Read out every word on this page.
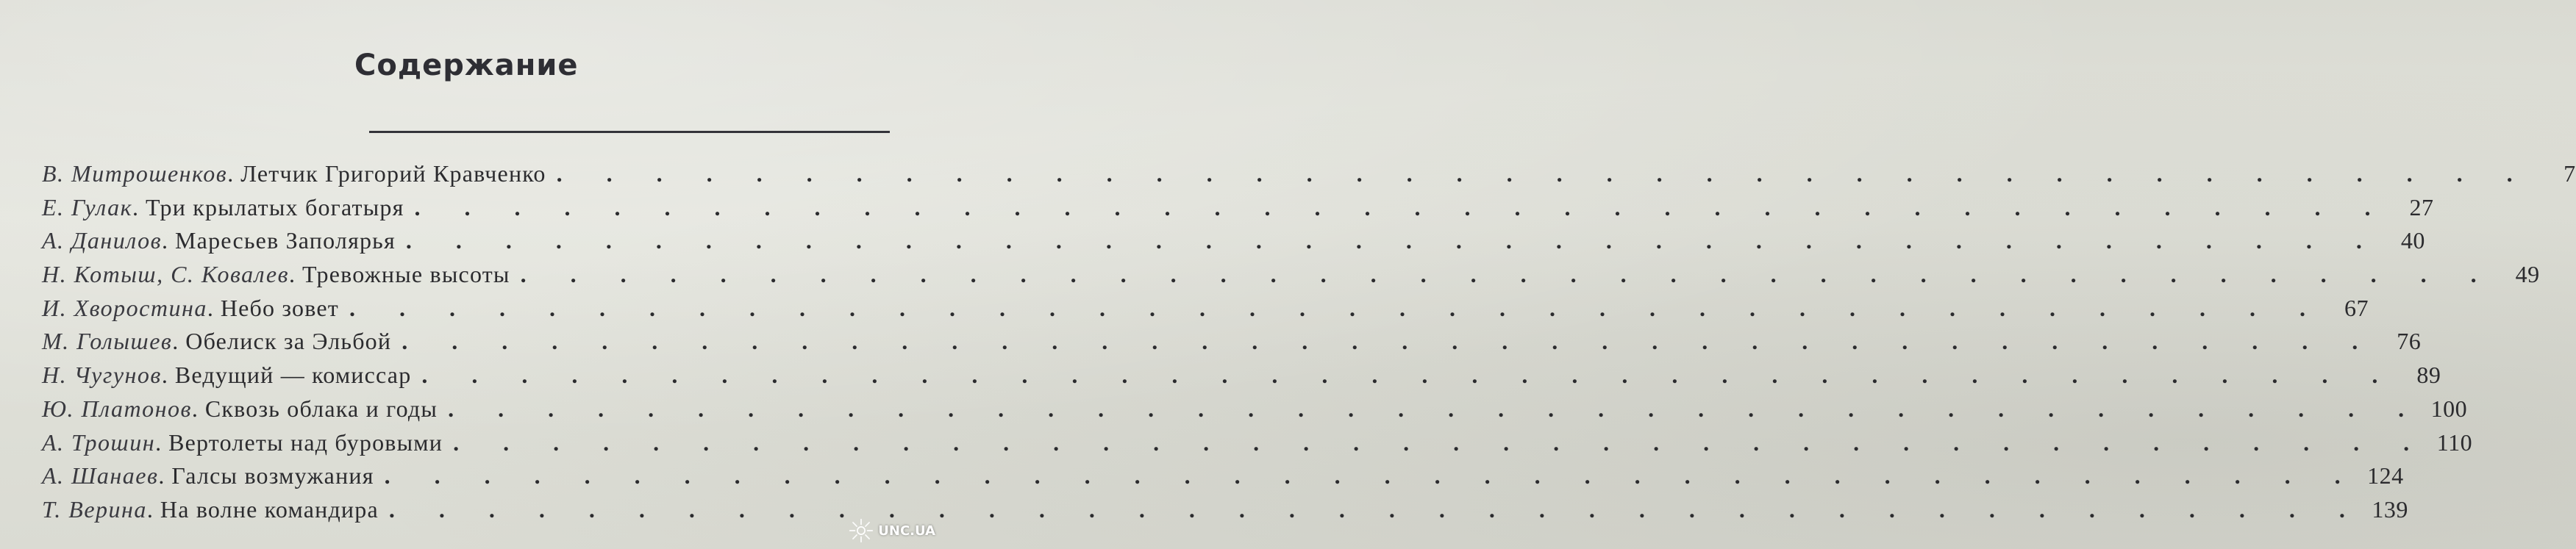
Содержание
В. Митрошенков . Летчик Григорий Кравченко . . . . . . . . . . . . . . . . . . . . . . . . . . . . . . . . . . . . . . . .	7
Е. Гулак . Три крылатых богатыря . . . . . . . . . . . . . . . . . . . . . . . . . . . . . . . . . . . . . . . . 27
А. Данилов . Маресьев Заполярья . . . . . . . . . . . . . . . . . . . . . . . . . . . . . . . . . . . . . . . . 40
Н. Котыш, С. Ковалев . Тревожные высоты . . . . . . . . . . . . . . . . . . . . . . . . . . . . . . . . . . . . . . . . 49
И. Хворостина . Небо зовет . . . . . . . . . . . . . . . . . . . . . . . . . . . . . . . . . . . . . . . . 67
М. Голышев . Обелиск за Эльбой . . . . . . . . . . . . . . . . . . . . . . . . . . . . . . . . . . . . . . . . 76
Н. Чугунов . Ведущий — комиссар . . . . . . . . . . . . . . . . . . . . . . . . . . . . . . . . . . . . . . . . 89
Ю. Платонов . Сквозь облака и годы . . . . . . . . . . . . . . . . . . . . . . . . . . . . . . . . . . . . . . . . 100
А. Трошин . Вертолеты над буровыми . . . . . . . . . . . . . . . . . . . . . . . . . . . . . . . . . . . . . . . . 110
А. Шанаев . Галсы возмужания . . . . . . . . . . . . . . . . . . . . . . . . . . . . . . . . . . . . . . . . 124
Т. Верина . На волне командира . . . . . . . . . . . . . . . . . . . . . . . . . . . . . . . . . . . . . . . . 139
UNC.UA
